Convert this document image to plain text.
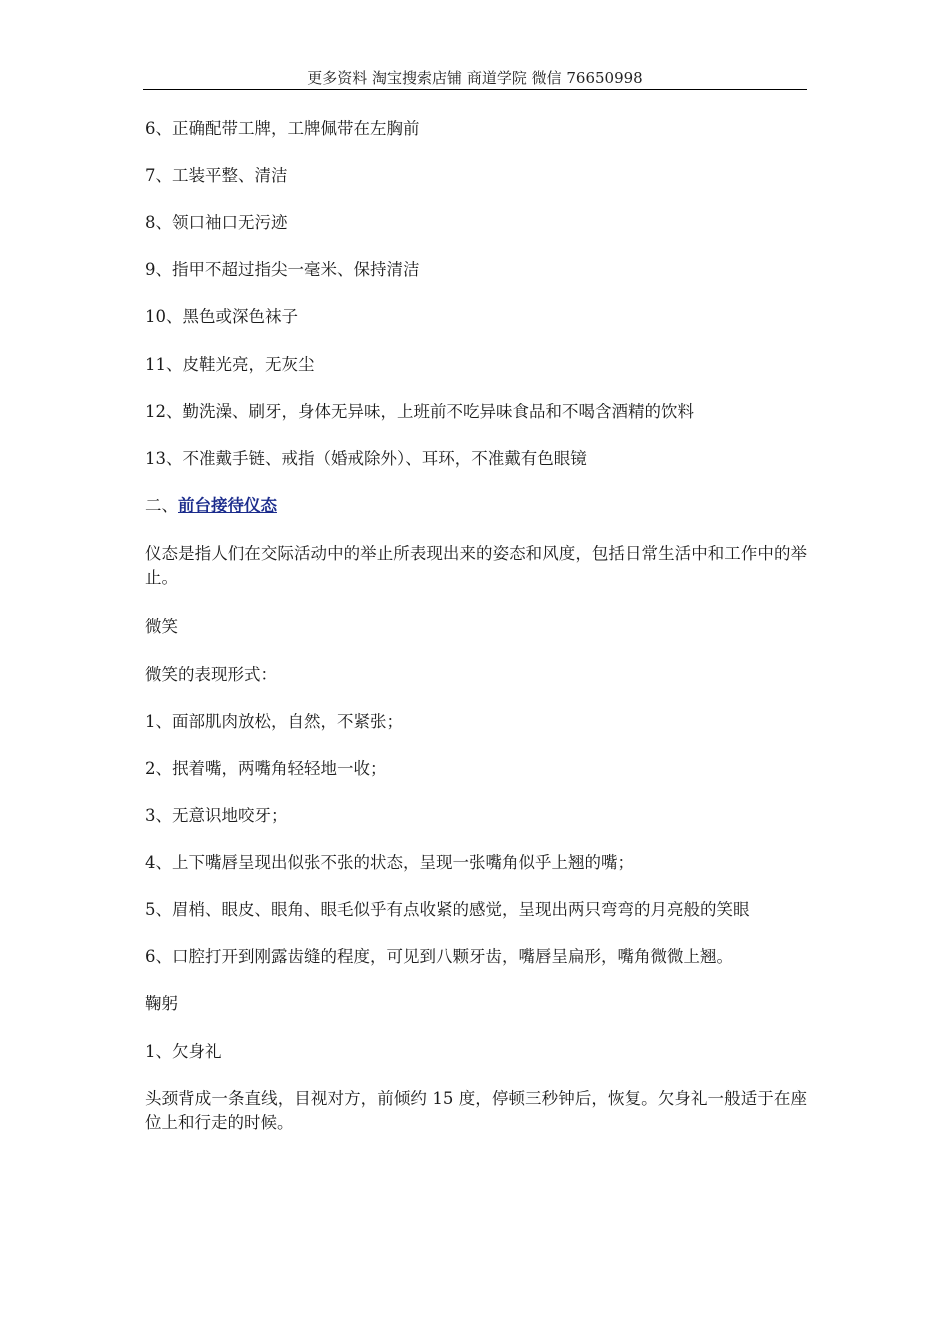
更多资料 淘宝搜索店铺 商道学院 微信 76650998
6、正确配带工牌，工牌佩带在左胸前
7、工装平整、清洁
8、领口袖口无污迹
9、指甲不超过指尖一毫米、保持清洁
10、黑色或深色袜子
11、皮鞋光亮，无灰尘
12、勤洗澡、刷牙，身体无异味，上班前不吃异味食品和不喝含酒精的饮料
13、不准戴手链、戒指（婚戒除外）、耳环，不准戴有色眼镜
二、前台接待仪态
仪态是指人们在交际活动中的举止所表现出来的姿态和风度，包括日常生活中和工作中的举止。
微笑
微笑的表现形式：
1、面部肌肉放松，自然，不紧张；
2、抿着嘴，两嘴角轻轻地一收；
3、无意识地咬牙；
4、上下嘴唇呈现出似张不张的状态，呈现一张嘴角似乎上翘的嘴；
5、眉梢、眼皮、眼角、眼毛似乎有点收紧的感觉，呈现出两只弯弯的月亮般的笑眼
6、口腔打开到刚露齿缝的程度，可见到八颗牙齿，嘴唇呈扁形，嘴角微微上翘。
鞠躬
1、欠身礼
头颈背成一条直线，目视对方，前倾约 15 度，停顿三秒钟后，恢复。欠身礼一般适于在座位上和行走的时候。
